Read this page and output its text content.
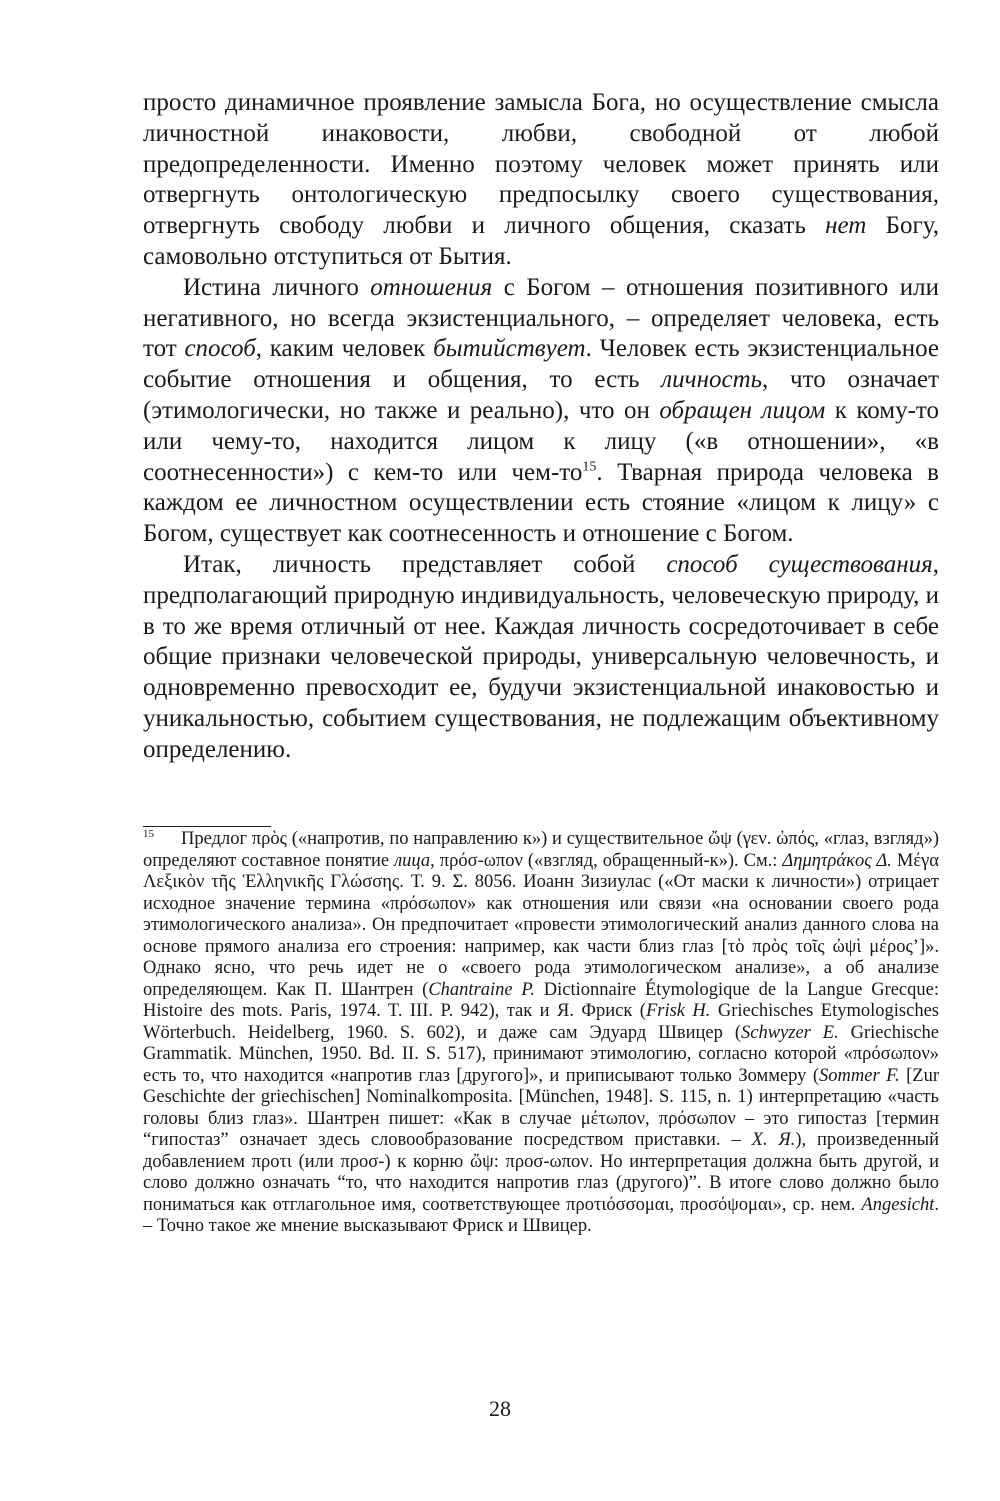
просто динамичное проявление замысла Бога, но осуществление смысла личностной инаковости, любви, свободной от любой предопределенности. Именно поэтому человек может принять или отвергнуть онтологическую предпосылку своего существования, отвергнуть свободу любви и личного общения, сказать нет Богу, самовольно отступиться от Бытия.

Истина личного отношения с Богом – отношения позитивного или негативного, но всегда экзистенциального, – определяет человека, есть тот способ, каким человек бытийствует. Человек есть экзистенциальное событие отношения и общения, то есть личность, что означает (этимологически, но также и реально), что он обращен лицом к кому-то или чему-то, находится лицом к лицу («в отношении», «в соотнесенности») с кем-то или чем-$то^{15}$. Тварная природа человека в каждом ее личностном осуществлении есть стояние «лицом к лицу» с Богом, существует как соотнесенность и отношение с Богом.

Итак, личность представляет собой способ существования, предполагающий природную индивидуальность, человеческую природу, и в то же время отличный от нее. Каждая личность сосредоточивает в себе общие признаки человеческой природы, универсальную человечность, и одновременно превосходит ее, будучи экзистенциальной инаковостью и уникальностью, событием существования, не подлежащим объективному определению.

15 Предлог πρὸς («напротив, по направлению к») и существительное ὤψ (γεν. ὠπός, «глаз, взгляд») определяют составное понятие лица, πρόσ-ωπον («взгляд, обращенный-к»). См.: Δημητράκος Δ. Μέγα Λεξικὸν τῆς Ἑλληνικῆς Γλώσσης. Т. 9. Σ. 8056. Иоанн Зизиулас («От маски к личности») отрицает исходное значение термина «πρόσωπον» как отношения или связи «на основании своего рода этимологического анализа». Он предпочитает «провести этимологический анализ данного слова на основе прямого анализа его строения: например, как части близ глаз [τὸ πρὸς τοῖς ὠψὶ μέρος’]». Однако ясно, что речь идет не о «своего рода этимологическом анализе», а об анализе определяющем. Как П. Шантрен (Chantraine P. Dictionnaire Étymologique de la Langue Grecque: Histoire des mots. Paris, 1974. T. III. P. 942), так и Я. Фриск (Frisk H. Griechisches Etymologisches Wörterbuch. Heidelberg, 1960. S. 602), и даже сам Эдуард Швицер (Schwyzer E. Griechische Grammatik. München, 1950. Bd. II. S. 517), принимают этимологию, согласно которой «πρόσωπον» есть то, что находится «напротив глаз [другого]», и приписывают только Зоммеру (Sommer F. [Zur Geschichte der griechischen] Nominalkomposita. [München, 1948]. S. 115, n. 1) интерпретацию «часть головы близ глаз». Шантрен пишет: «Как в случае μέτωπον, πρόσωπον – это гипостаз [термин “гипостаз” означает здесь словообразование посредством приставки. – Х. Я.), произведенный добавлением προτι (или προσ-) к корню ὤψ: προσ-ωπον. Но интерпретация должна быть другой, и слово должно означать “то, что находится напротив глаз (другого)”. В итоге слово должно было пониматься как отглагольное имя, соответствующее προτιόσσομαι, προσόψομαι», ср. нем. Angesicht. – Точно такое же мнение высказывают Фриск и Швицер.

28
